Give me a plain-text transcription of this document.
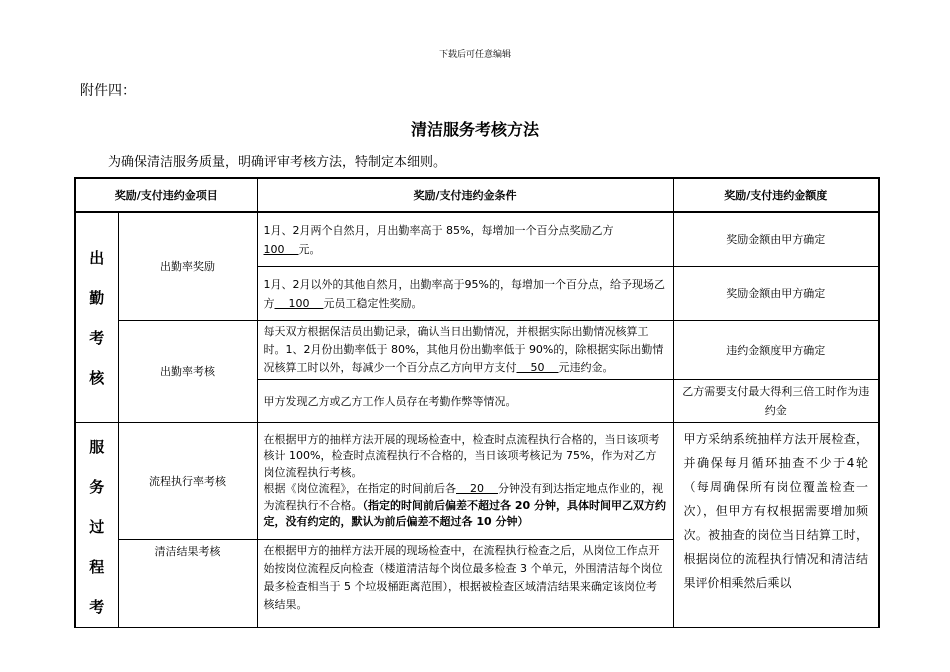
下载后可任意编辑
附件四：
清洁服务考核方法
为确保清洁服务质量，明确评审考核方法，特制定本细则。
奖励/支付违约金项目		奖励/支付违约金条件	奖励/支付违约金额度

出
勤
考
核	出勤率奖励	1月、2月两个自然月，月出勤率高于 85%，每增加一个百分点奖励乙方100 元。	奖励金额由甲方确定
		1月、2月以外的其他自然月，出勤率高于95%的，每增加一个百分点，给予现场乙方 100 元员工稳定性奖励。	奖励金额由甲方确定
	出勤率考核	每天双方根据保洁员出勤记录，确认当日出勤情况，并根据实际出勤情况核算工时。1、2月份出勤率低于 80%，其他月份出勤率低于 90%的，除根据实际出勤情况核算工时以外，每减少一个百分点乙方向甲方支付 50 元违约金。	违约金额度甲方确定
		甲方发现乙方或乙方工作人员存在考勤作弊等情况。	乙方需要支付最大得利三倍工时作为违约金

服
务
过
程
考	流程执行率考核	在根据甲方的抽样方法开展的现场检查中，检查时点流程执行合格的，当日该项考核计 100%，检查时点流程执行不合格的，当日该项考核记为 75%，作为对乙方岗位流程执行考核。
根据《岗位流程》，在指定的时间前后各 20 分钟没有到达指定地点作业的，视为流程执行不合格。（指定的时间前后偏差不超过各 20 分钟，具体时间甲乙双方约定，没有约定的，默认为前后偏差不超过各 10 分钟）	甲方采纳系统抽样方法开展检查，并确保每月循环抽查不少于4轮（每周确保所有岗位覆盖检查一次），但甲方有权根据需要增加频次。被抽查的岗位当日结算工时，根据岗位的流程执行情况和清洁结果评价相乘然后乘以
	清洁结果考核	在根据甲方的抽样方法开展的现场检查中，在流程执行检查之后，从岗位工作点开始按岗位流程反向检查（楼道清洁每个岗位最多检查 3 个单元，外围清洁每个岗位最多检查相当于 5 个垃圾桶距离范围），根据被检查区域清洁结果来确定该岗位考核结果。	
